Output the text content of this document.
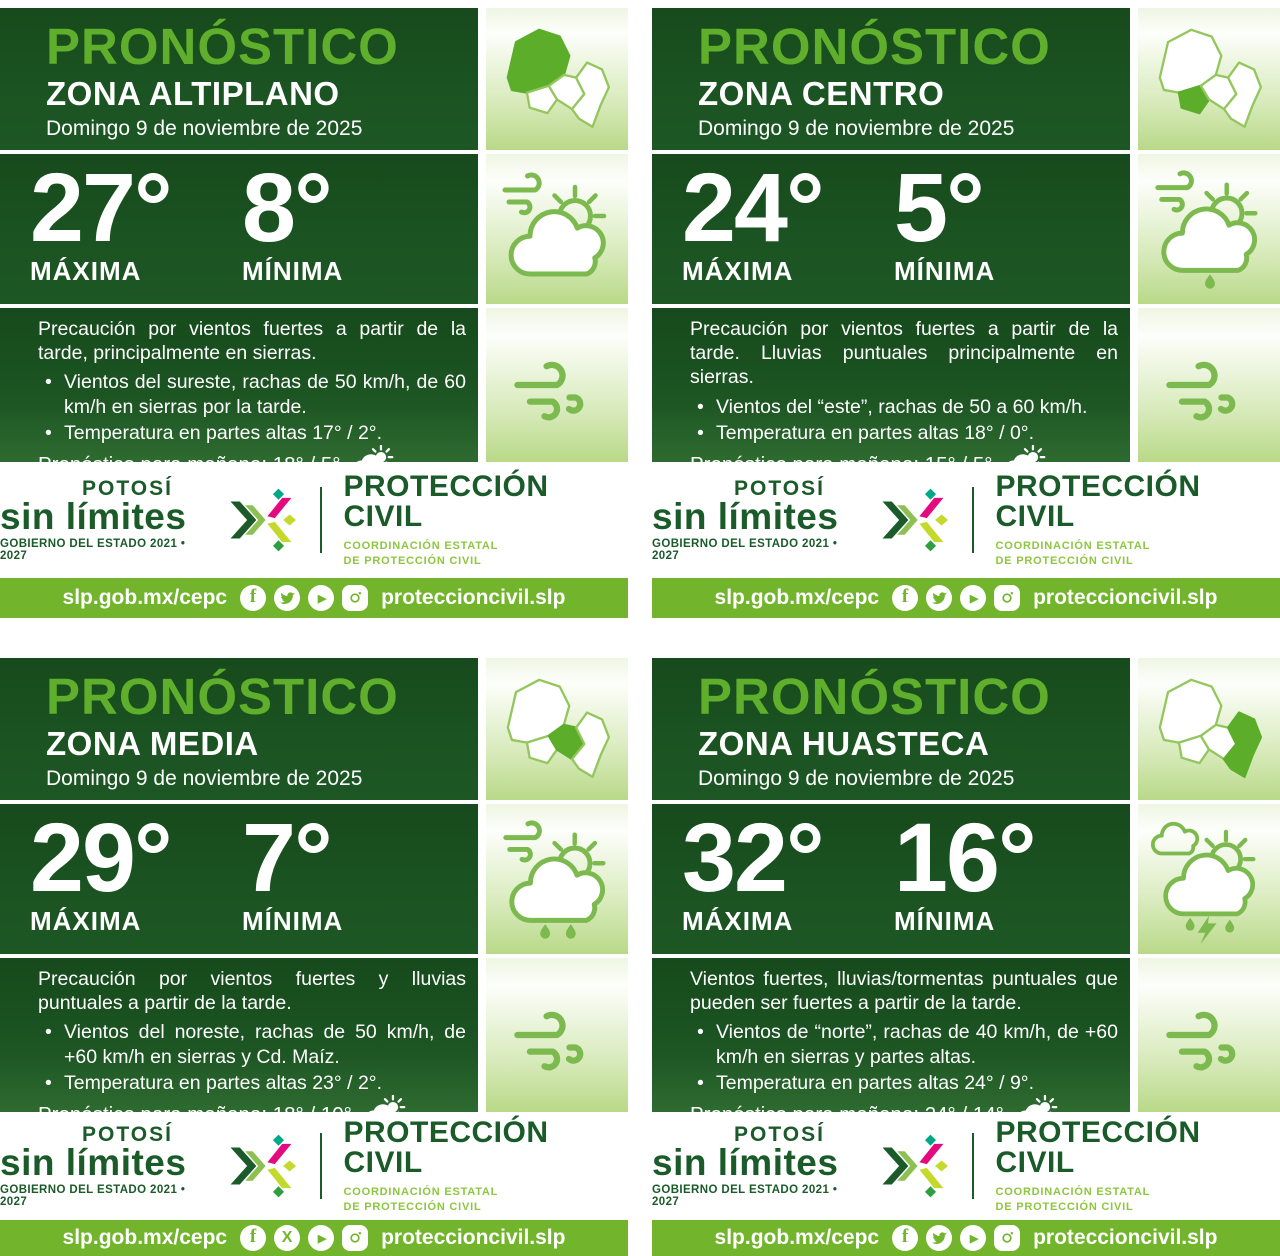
PRONÓSTICO
ZONA ALTIPLANO
Domingo 9 de noviembre de 2025
27°
MÁXIMA
8°
MÍNIMA

Precaución por vientos fuertes a partir de la tarde, principalmente en sierras.

• Vientos del sureste, rachas de 50 km/h, de 60 km/h en sierras por la tarde.
• Temperatura en partes altas 17° / 2°.
Pronóstico para mañana: 18° / 5°
POTOSÍ
sin límites
GOBIERNO DEL ESTADO 2021 • 2027
PROTECCIÓN CIVIL
COORDINACIÓN ESTATAL
DE PROTECCIÓN CIVIL
slp.gob.mx/cepc f ▶	proteccioncivil.slp
PRONÓSTICO
ZONA CENTRO
Domingo 9 de noviembre de 2025
24°
MÁXIMA
5°
MÍNIMA

Precaución por vientos fuertes a partir de la tarde. Lluvias puntuales principalmente en sierras.

• Vientos del “este”, rachas de 50 a 60 km/h.
• Temperatura en partes altas 18° / 0°.
Pronóstico para mañana: 15° / 5°
POTOSÍ
sin límites
GOBIERNO DEL ESTADO 2021 • 2027
PROTECCIÓN CIVIL
COORDINACIÓN ESTATAL
DE PROTECCIÓN CIVIL
slp.gob.mx/cepc f ▶	proteccioncivil.slp
PRONÓSTICO
ZONA MEDIA
Domingo 9 de noviembre de 2025
29°
MÁXIMA
7°
MÍNIMA

Precaución por vientos fuertes y lluvias puntuales a partir de la tarde.

• Vientos del noreste, rachas de 50 km/h, de +60 km/h en sierras y Cd. Maíz.
• Temperatura en partes altas 23° / 2°.
Pronóstico para mañana: 18° / 10°
POTOSÍ
sin límites
GOBIERNO DEL ESTADO 2021 • 2027
PROTECCIÓN CIVIL
COORDINACIÓN ESTATAL
DE PROTECCIÓN CIVIL
slp.gob.mx/cepc f X ▶	proteccioncivil.slp
PRONÓSTICO
ZONA HUASTECA
Domingo 9 de noviembre de 2025
32°
MÁXIMA
16°
MÍNIMA

Vientos fuertes, lluvias/tormentas puntuales que pueden ser fuertes a partir de la tarde.

• Vientos de “norte”, rachas de 40 km/h, de +60 km/h en sierras y partes altas.
• Temperatura en partes altas 24° / 9°.
Pronóstico para mañana: 24° / 14°
POTOSÍ
sin límites
GOBIERNO DEL ESTADO 2021 • 2027
PROTECCIÓN CIVIL
COORDINACIÓN ESTATAL
DE PROTECCIÓN CIVIL
slp.gob.mx/cepc f ▶	proteccioncivil.slp
